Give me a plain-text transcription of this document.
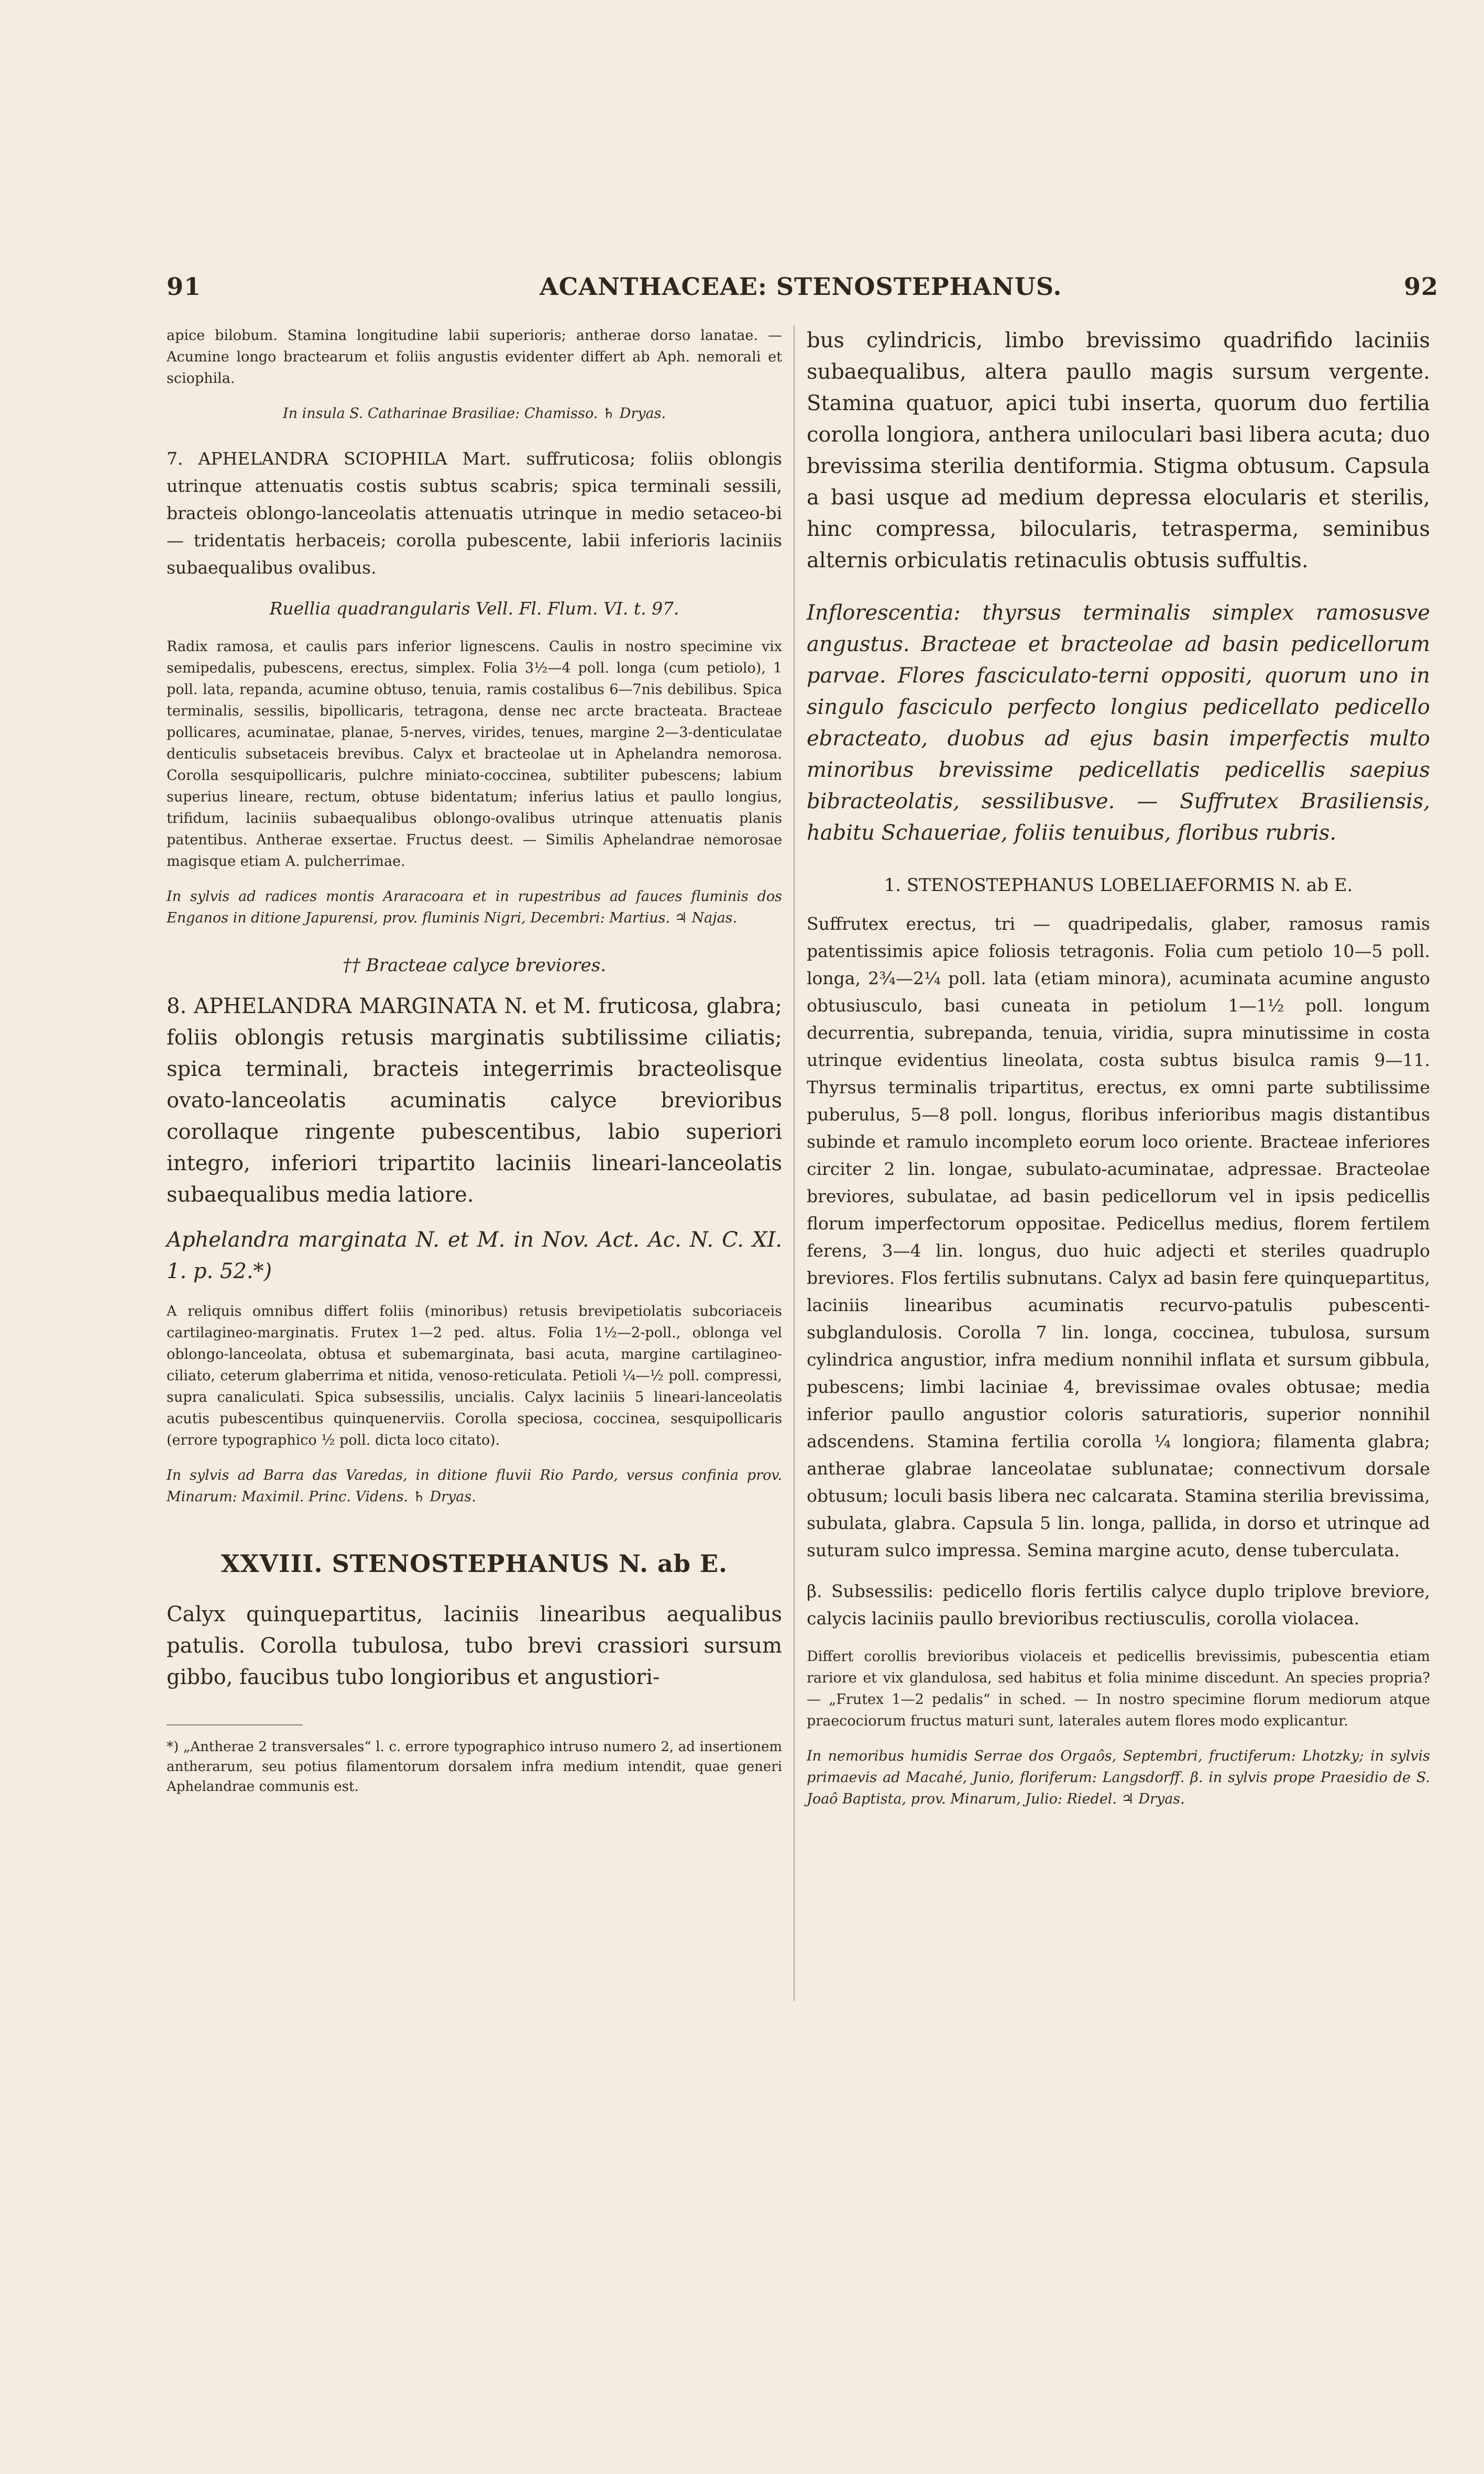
91	ACANTHACEAE: STENOSTEPHANUS.	92

apice bilobum. Stamina longitudine labii superioris; antherae dorso lanatae. — Acumine longo bractearum et foliis angustis evidenter differt ab Aph. nemorali et sciophila.

In insula S. Catharinae Brasiliae: Chamisso. ♄ Dryas.

7. APHELANDRA SCIOPHILA Mart. suffruticosa; foliis oblongis utrinque attenuatis costis subtus scabris; spica terminali sessili, bracteis oblongo-lanceolatis attenuatis utrinque in medio setaceo-bi — tridentatis herbaceis; corolla pubescente, labii inferioris laciniis subaequalibus ovalibus.

Ruellia quadrangularis Vell. Fl. Flum. VI. t. 97.

Radix ramosa, et caulis pars inferior lignescens. Caulis in nostro specimine vix semipedalis, pubescens, erectus, simplex. Folia 3½—4 poll. longa (cum petiolo), 1 poll. lata, repanda, acumine obtuso, tenuia, ramis costalibus 6—7nis debilibus. Spica terminalis, sessilis, bipollicaris, tetragona, dense nec arcte bracteata. Bracteae pollicares, acuminatae, planae, 5-nerves, virides, tenues, margine 2—3-denticulatae denticulis subsetaceis brevibus. Calyx et bracteolae ut in Aphelandra nemorosa. Corolla sesquipollicaris, pulchre miniato-coccinea, subtiliter pubescens; labium superius lineare, rectum, obtuse bidentatum; inferius latius et paullo longius, trifidum, laciniis subaequalibus oblongo-ovalibus utrinque attenuatis planis patentibus. Antherae exsertae. Fructus deest. — Similis Aphelandrae nemorosae magisque etiam A. pulcherrimae.

In sylvis ad radices montis Araracoara et in rupestribus ad fauces fluminis dos Enganos in ditione Japurensi, prov. fluminis Nigri, Decembri: Martius. ♃ Najas.

†† Bracteae calyce breviores.

8. APHELANDRA MARGINATA N. et M. fruticosa, glabra; foliis oblongis retusis marginatis subtilissime ciliatis; spica terminali, bracteis integerrimis bracteolisque ovato-lanceolatis acuminatis calyce brevioribus corollaque ringente pubescentibus, labio superiori integro, inferiori tripartito laciniis lineari-lanceolatis subaequalibus media latiore.

Aphelandra marginata N. et M. in Nov. Act. Ac. N. C. XI. 1. p. 52.*)

A reliquis omnibus differt foliis (minoribus) retusis brevipetiolatis subcoriaceis cartilagineo-marginatis. Frutex 1—2 ped. altus. Folia 1½—2-poll., oblonga vel oblongo-lanceolata, obtusa et subemarginata, basi acuta, margine cartilagineo-ciliato, ceterum glaberrima et nitida, venoso-reticulata. Petioli ¼—½ poll. compressi, supra canaliculati. Spica subsessilis, uncialis. Calyx laciniis 5 lineari-lanceolatis acutis pubescentibus quinquenerviis. Corolla speciosa, coccinea, sesquipollicaris (errore typographico ½ poll. dicta loco citato).

In sylvis ad Barra das Varedas, in ditione fluvii Rio Pardo, versus confinia prov. Minarum: Maximil. Princ. Videns. ♄ Dryas.

XXVIII. STENOSTEPHANUS N. ab E.

Calyx quinquepartitus, laciniis linearibus aequalibus patulis. Corolla tubulosa, tubo brevi crassiori sursum gibbo, faucibus tubo longioribus et angustiori-

*) „Antherae 2 transversales“ l. c. errore typographico intruso numero 2, ad insertionem antherarum, seu potius filamentorum dorsalem infra medium intendit, quae generi Aphelandrae communis est.

bus cylindricis, limbo brevissimo quadrifido laciniis subaequalibus, altera paullo magis sursum vergente. Stamina quatuor, apici tubi inserta, quorum duo fertilia corolla longiora, anthera uniloculari basi libera acuta; duo brevissima sterilia dentiformia. Stigma obtusum. Capsula a basi usque ad medium depressa elocularis et sterilis, hinc compressa, bilocularis, tetrasperma, seminibus alternis orbiculatis retinaculis obtusis suffultis.

Inflorescentia: thyrsus terminalis simplex ramosusve angustus. Bracteae et bracteolae ad basin pedicellorum parvae. Flores fasciculato-terni oppositi, quorum uno in singulo fasciculo perfecto longius pedicellato pedicello ebracteato, duobus ad ejus basin imperfectis multo minoribus brevissime pedicellatis pedicellis saepius bibracteolatis, sessilibusve. — Suffrutex Brasiliensis, habitu Schaueriae, foliis tenuibus, floribus rubris.

1. STENOSTEPHANUS LOBELIAEFORMIS N. ab E.

Suffrutex erectus, tri — quadripedalis, glaber, ramosus ramis patentissimis apice foliosis tetragonis. Folia cum petiolo 10—5 poll. longa, 2¾—2¼ poll. lata (etiam minora), acuminata acumine angusto obtusiusculo, basi cuneata in petiolum 1—1½ poll. longum decurrentia, subrepanda, tenuia, viridia, supra minutissime in costa utrinque evidentius lineolata, costa subtus bisulca ramis 9—11. Thyrsus terminalis tripartitus, erectus, ex omni parte subtilissime puberulus, 5—8 poll. longus, floribus inferioribus magis distantibus subinde et ramulo incompleto eorum loco oriente. Bracteae inferiores circiter 2 lin. longae, subulato-acuminatae, adpressae. Bracteolae breviores, subulatae, ad basin pedicellorum vel in ipsis pedicellis florum imperfectorum oppositae. Pedicellus medius, florem fertilem ferens, 3—4 lin. longus, duo huic adjecti et steriles quadruplo breviores. Flos fertilis subnutans. Calyx ad basin fere quinquepartitus, laciniis linearibus acuminatis recurvo-patulis pubescenti-subglandulosis. Corolla 7 lin. longa, coccinea, tubulosa, sursum cylindrica angustior, infra medium nonnihil inflata et sursum gibbula, pubescens; limbi laciniae 4, brevissimae ovales obtusae; media inferior paullo angustior coloris saturatioris, superior nonnihil adscendens. Stamina fertilia corolla ¼ longiora; filamenta glabra; antherae glabrae lanceolatae sublunatae; connectivum dorsale obtusum; loculi basis libera nec calcarata. Stamina sterilia brevissima, subulata, glabra. Capsula 5 lin. longa, pallida, in dorso et utrinque ad suturam sulco impressa. Semina margine acuto, dense tuberculata.

β. Subsessilis: pedicello floris fertilis calyce duplo triplove breviore, calycis laciniis paullo brevioribus rectiusculis, corolla violacea.

Differt corollis brevioribus violaceis et pedicellis brevissimis, pubescentia etiam rariore et vix glandulosa, sed habitus et folia minime discedunt. An species propria? — „Frutex 1—2 pedalis“ in sched. — In nostro specimine florum mediorum atque praecociorum fructus maturi sunt, laterales autem flores modo explicantur.

In nemoribus humidis Serrae dos Orgaôs, Septembri, fructiferum: Lhotzky; in sylvis primaevis ad Macahé, Junio, floriferum: Langsdorff. β. in sylvis prope Praesidio de S. Joaô Baptista, prov. Minarum, Julio: Riedel. ♃ Dryas.
